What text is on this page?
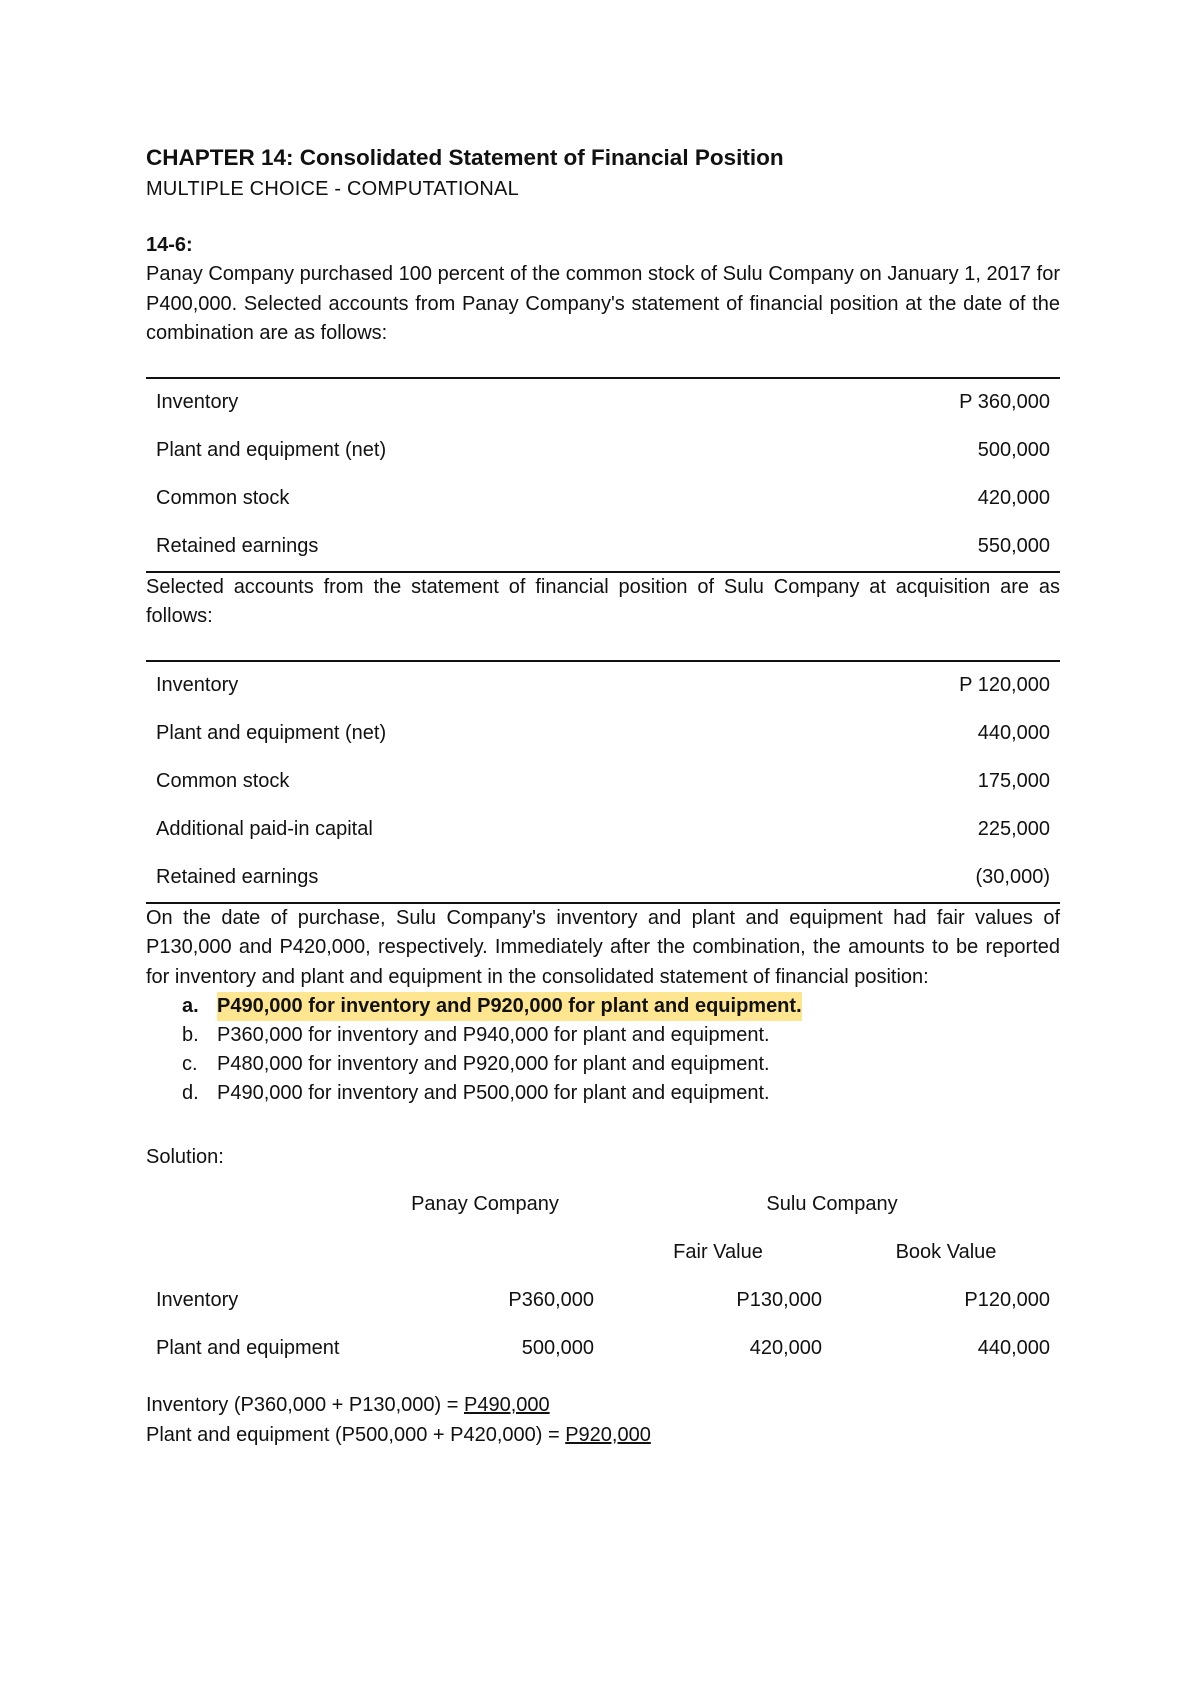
CHAPTER 14: Consolidated Statement of Financial Position
MULTIPLE CHOICE - COMPUTATIONAL
14-6:

Panay Company purchased 100 percent of the common stock of Sulu Company on January 1, 2017 for P400,000. Selected accounts from Panay Company's statement of financial position at the date of the combination are as follows:

Inventory	P 360,000
Plant and equipment (net)	500,000
Common stock	420,000
Retained earnings	550,000

Selected accounts from the statement of financial position of Sulu Company at acquisition are as follows:

Inventory	P 120,000
Plant and equipment (net)	440,000
Common stock	175,000
Additional paid-in capital	225,000
Retained earnings	(30,000)

On the date of purchase, Sulu Company's inventory and plant and equipment had fair values of P130,000 and P420,000, respectively. Immediately after the combination, the amounts to be reported for inventory and plant and equipment in the consolidated statement of financial position:

a. P490,000 for inventory and P920,000 for plant and equipment.
b. P360,000 for inventory and P940,000 for plant and equipment.
c. P480,000 for inventory and P920,000 for plant and equipment.
d. P490,000 for inventory and P500,000 for plant and equipment.
Solution:
	Panay Company	Sulu Company	
		Fair Value	Book Value
Inventory	P360,000	P130,000	P120,000
Plant and equipment	500,000	420,000	440,000
Inventory (P360,000 + P130,000) = P490,000
Plant and equipment (P500,000 + P420,000) = P920,000
